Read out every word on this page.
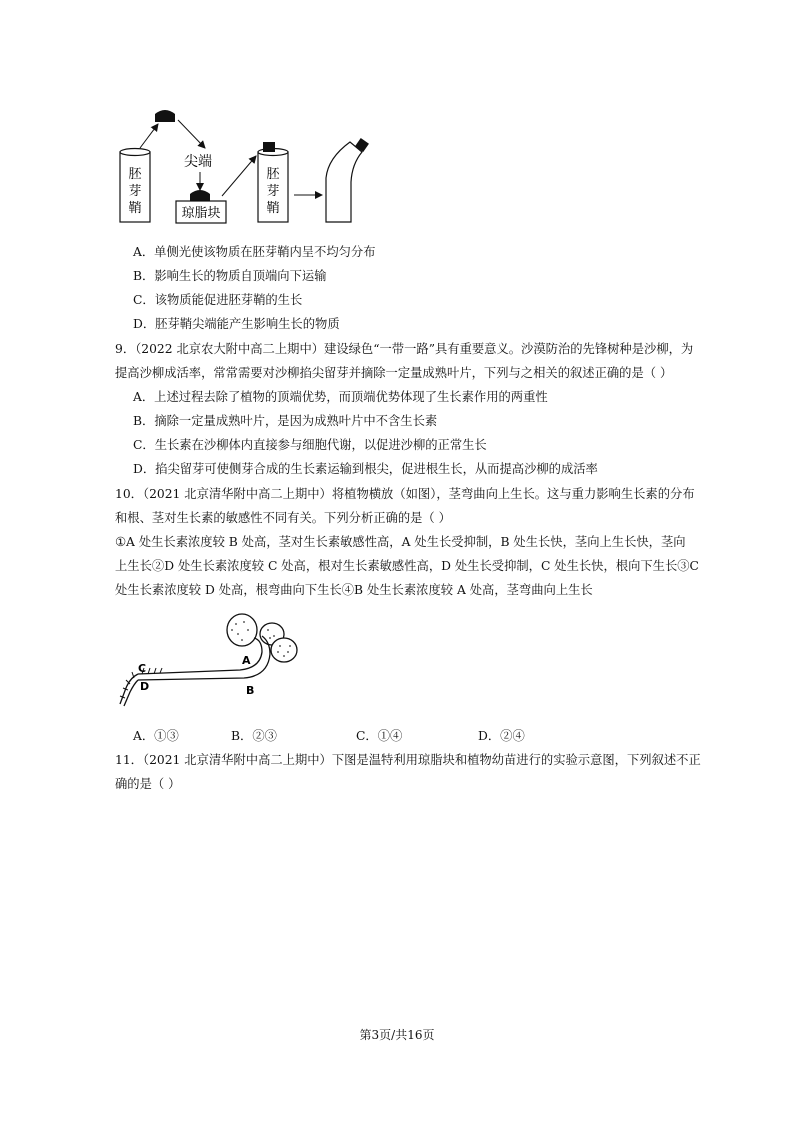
胚芽鞘
尖端
琼脂块
胚芽鞘
A．单侧光使该物质在胚芽鞘内呈不均匀分布
B．影响生长的物质自顶端向下运输
C．该物质能促进胚芽鞘的生长
D．胚芽鞘尖端能产生影响生长的物质
9．（2022 北京农大附中高二上期中）建设绿色“一带一路”具有重要意义。沙漠防治的先锋树种是沙柳，为
提高沙柳成活率，常常需要对沙柳掐尖留芽并摘除一定量成熟叶片，下列与之相关的叙述正确的是（ ）
A．上述过程去除了植物的顶端优势，而顶端优势体现了生长素作用的两重性
B．摘除一定量成熟叶片，是因为成熟叶片中不含生长素
C．生长素在沙柳体内直接参与细胞代谢，以促进沙柳的正常生长
D．掐尖留芽可使侧芽合成的生长素运输到根尖，促进根生长，从而提高沙柳的成活率
10．（2021 北京清华附中高二上期中）将植物横放（如图），茎弯曲向上生长。这与重力影响生长素的分布
和根、茎对生长素的敏感性不同有关。下列分析正确的是（ ）
①A 处生长素浓度较 B 处高，茎对生长素敏感性高，A 处生长受抑制，B 处生长快，茎向上生长快，茎向
上生长②D 处生长素浓度较 C 处高，根对生长素敏感性高，D 处生长受抑制，C 处生长快，根向下生长③C
处生长素浓度较 D 处高，根弯曲向下生长④B 处生长素浓度较 A 处高，茎弯曲向上生长
A
B
C
D
A．①③	B．②③	C．①④	D．②④
11．（2021 北京清华附中高二上期中）下图是温特利用琼脂块和植物幼苗进行的实验示意图，下列叙述不正
确的是（ ）
第3页/共16页
